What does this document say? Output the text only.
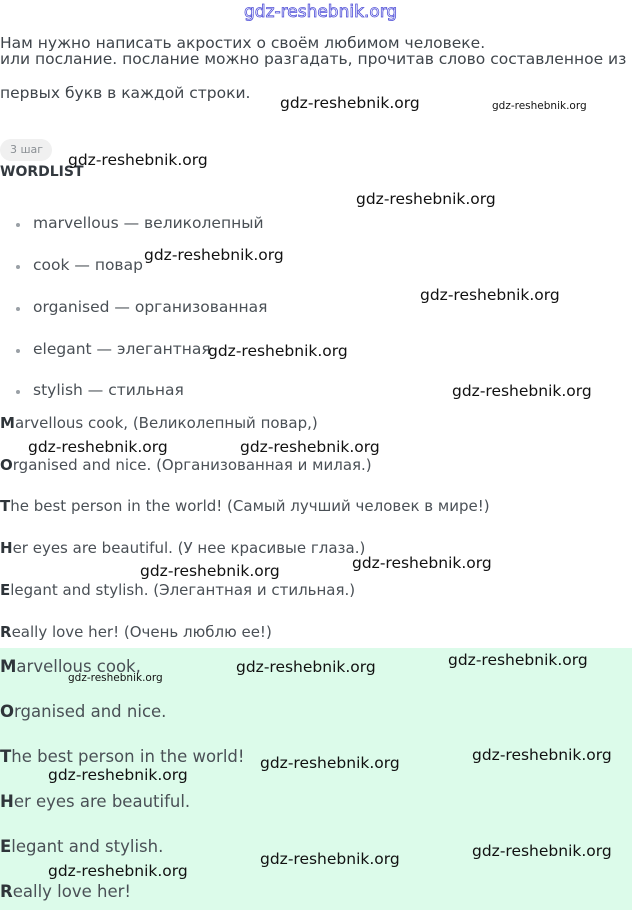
gdz-reshebnik.org
Нам нужно написать акростих о своём любимом человеке.
или послание. послание можно разгадать, прочитав слово составленное из
первых букв в каждой строки.
3 шаг
WORDLIST
marvellous — великолепный
cook — повар
organised — организованная
elegant — элегантная
stylish — стильная
Marvellous cook, (Великолепный повар,)
Organised and nice. (Организованная и милая.)
The best person in the world! (Самый лучший человек в мире!)
Her eyes are beautiful. (У нее красивые глаза.)
Elegant and stylish. (Элегантная и стильная.)
Really love her! (Очень люблю ее!)
Marvellous cook,
Organised and nice.
The best person in the world!
Her eyes are beautiful.
Elegant and stylish.
Really love her!
gdz-reshebnik.org	gdz-reshebnik.org
gdz-reshebnik.org
gdz-reshebnik.org
gdz-reshebnik.org
gdz-reshebnik.org
gdz-reshebnik.org
gdz-reshebnik.org
gdz-reshebnik.org	gdz-reshebnik.org
gdz-reshebnik.org
gdz-reshebnik.org
gdz-reshebnik.org
gdz-reshebnik.org
gdz-reshebnik.org
gdz-reshebnik.org
gdz-reshebnik.org
gdz-reshebnik.org
gdz-reshebnik.org
gdz-reshebnik.org
gdz-reshebnik.org
